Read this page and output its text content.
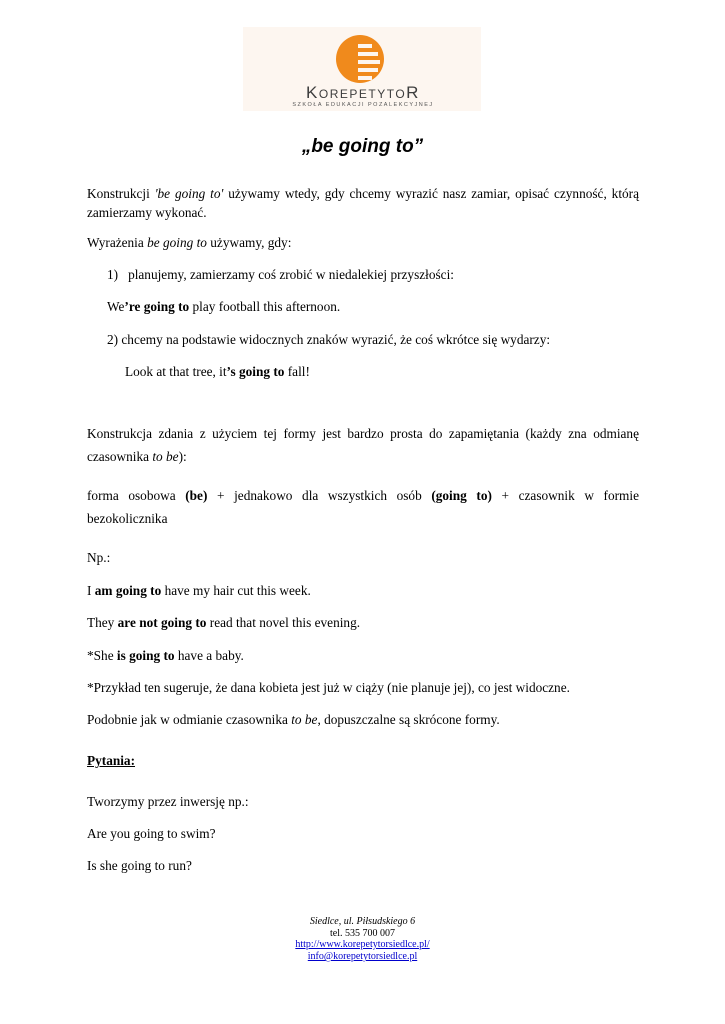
KorepetytoR
SZKOŁA EDUKACJI POZALEKCYJNEJ
„be going to”
Konstrukcji 'be going to' używamy wtedy, gdy chcemy wyrazić nasz zamiar, opisać czynność, którą zamierzamy wykonać.
Wyrażenia be going to używamy, gdy:
1) planujemy, zamierzamy coś zrobić w niedalekiej przyszłości:
We’re going to play football this afternoon.
2) chcemy na podstawie widocznych znaków wyrazić, że coś wkrótce się wydarzy:
Look at that tree, it’s going to fall!
Konstrukcja zdania z użyciem tej formy jest bardzo prosta do zapamiętania (każdy zna odmianę czasownika to be):
forma osobowa (be) + jednakowo dla wszystkich osób (going to) + czasownik w formie bezokolicznika
Np.:
I am going to have my hair cut this week.
They are not going to read that novel this evening.
*She is going to have a baby.
*Przykład ten sugeruje, że dana kobieta jest już w ciąży (nie planuje jej), co jest widoczne.
Podobnie jak w odmianie czasownika to be, dopuszczalne są skrócone formy.
Pytania:
Tworzymy przez inwersję np.:
Are you going to swim?
Is she going to run?
Siedlce, ul. Piłsudskiego 6
tel. 535 700 007
http://www.korepetytorsiedlce.pl/
info@korepetytorsiedlce.pl
